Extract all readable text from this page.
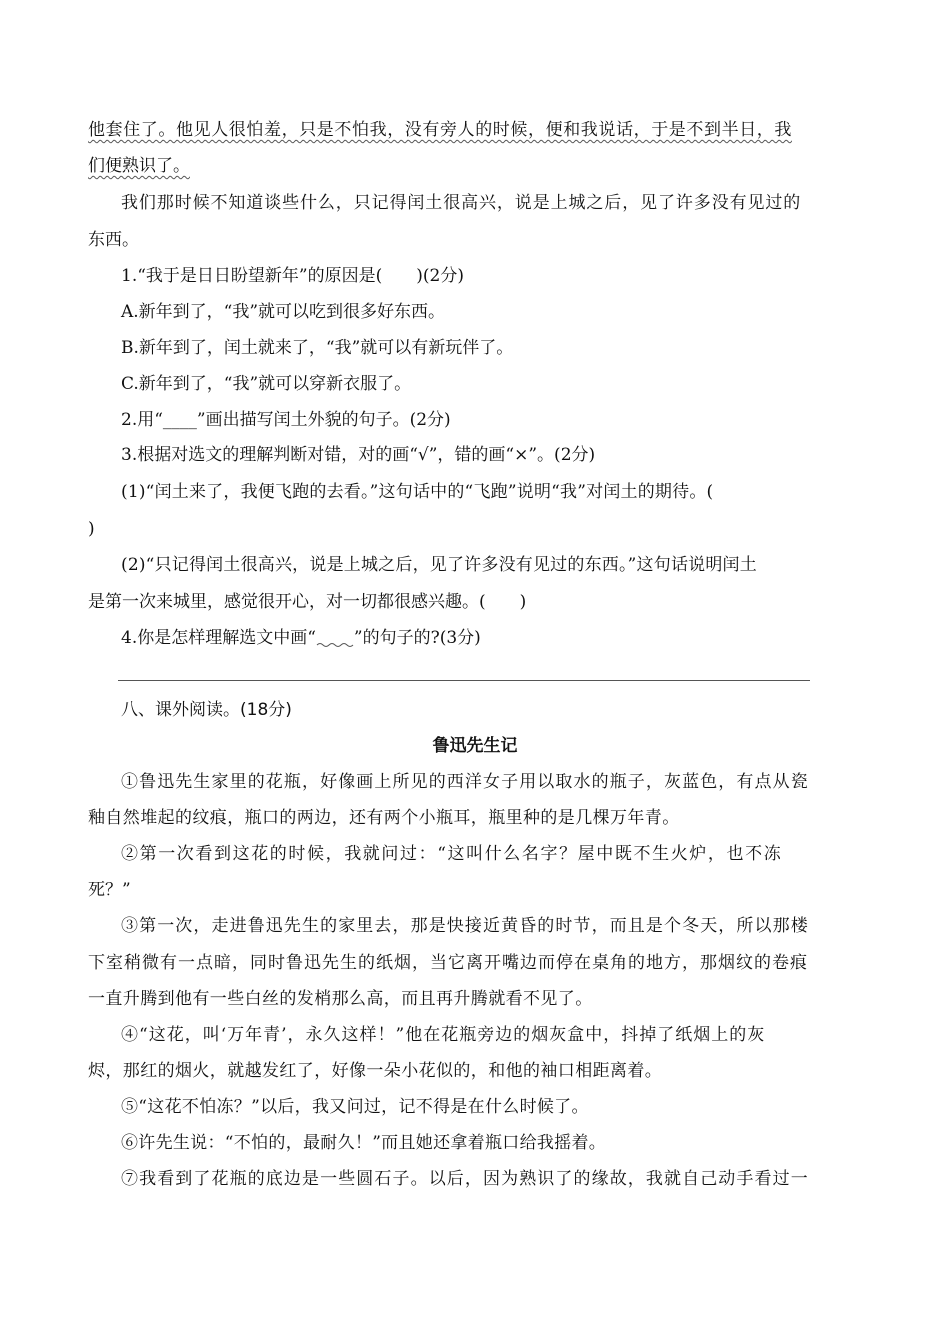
他套住了。他见人很怕羞，只是不怕我，没有旁人的时候，便和我说话，于是不到半日，我
们便熟识了。
我们那时候不知道谈些什么，只记得闰土很高兴，说是上城之后，见了许多没有见过的
东西。
1.“我于是日日盼望新年”的原因是(　　)(2分)
A.新年到了，“我”就可以吃到很多好东西。
B.新年到了，闰土就来了，“我”就可以有新玩伴了。
C.新年到了，“我”就可以穿新衣服了。
2.用“____”画出描写闰土外貌的句子。(2分)
3.根据对选文的理解判断对错，对的画“√”，错的画“×”。(2分)
(1)“闰土来了，我便飞跑的去看。”这句话中的“飞跑”说明“我”对闰土的期待。(
)
(2)“只记得闰土很高兴，说是上城之后，见了许多没有见过的东西。”这句话说明闰土
是第一次来城里，感觉很开心，对一切都很感兴趣。(　　)
4.你是怎样理解选文中画“ ”的句子的?(3分)
八、课外阅读。(18分)
鲁迅先生记
①鲁迅先生家里的花瓶，好像画上所见的西洋女子用以取水的瓶子，灰蓝色，有点从瓷
釉自然堆起的纹痕，瓶口的两边，还有两个小瓶耳，瓶里种的是几棵万年青。
②第一次看到这花的时候，我就问过：“这叫什么名字？屋中既不生火炉，也不冻
死？”
③第一次，走进鲁迅先生的家里去，那是快接近黄昏的时节，而且是个冬天，所以那楼
下室稍微有一点暗，同时鲁迅先生的纸烟，当它离开嘴边而停在桌角的地方，那烟纹的卷痕
一直升腾到他有一些白丝的发梢那么高，而且再升腾就看不见了。
④“这花，叫‘万年青’，永久这样！”他在花瓶旁边的烟灰盒中，抖掉了纸烟上的灰
烬，那红的烟火，就越发红了，好像一朵小花似的，和他的袖口相距离着。
⑤“这花不怕冻？”以后，我又问过，记不得是在什么时候了。
⑥许先生说：“不怕的，最耐久！”而且她还拿着瓶口给我摇着。
⑦我看到了花瓶的底边是一些圆石子。以后，因为熟识了的缘故，我就自己动手看过一
